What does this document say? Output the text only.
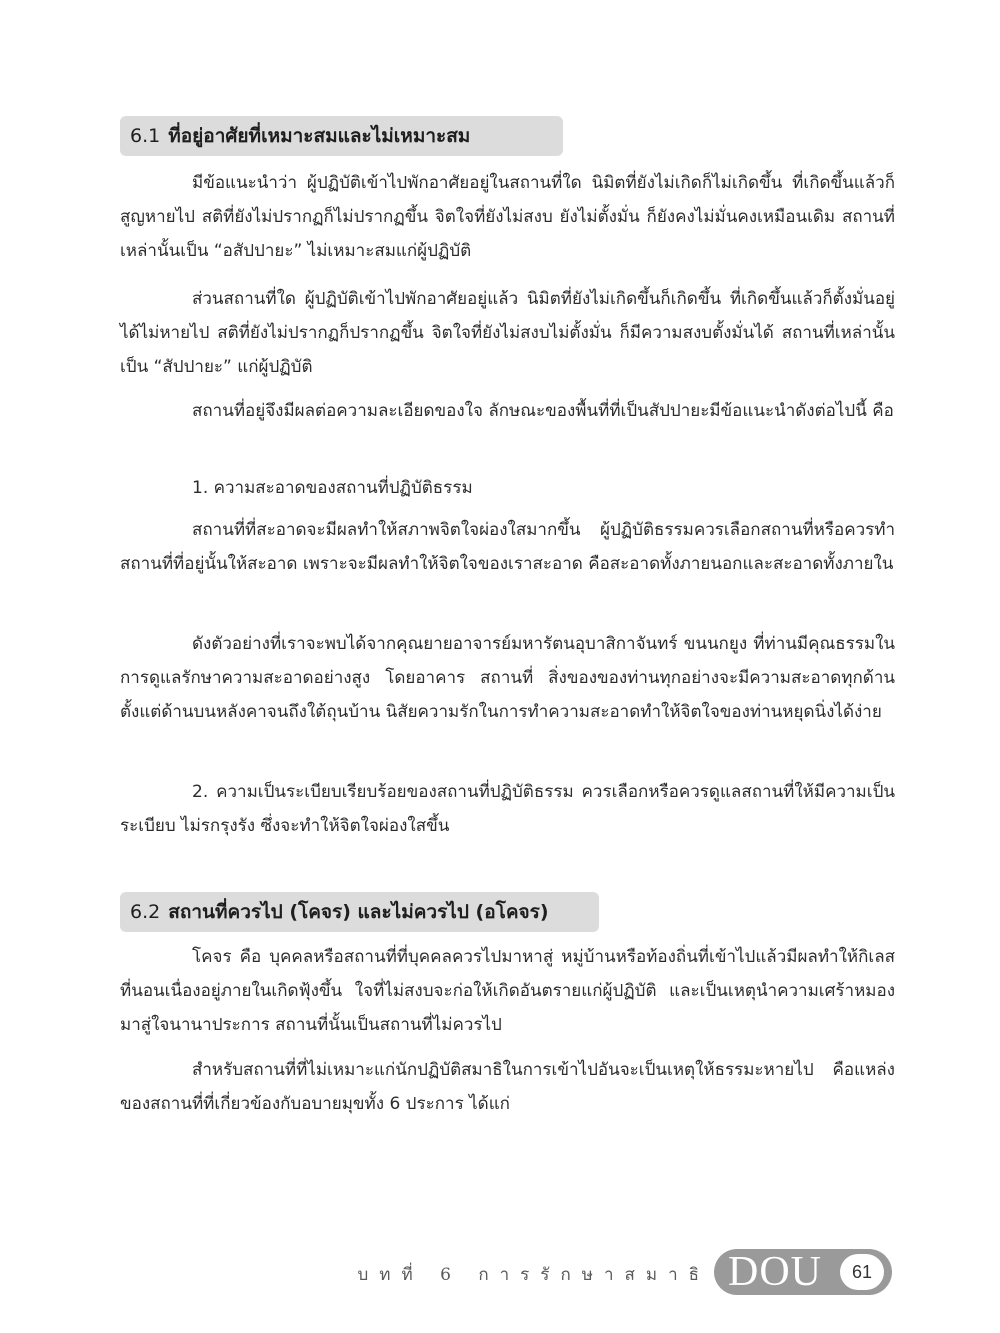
6.1 ที่อยู่อาศัยที่เหมาะสมและไม่เหมาะสม

มีข้อแนะนำว่า ผู้ปฏิบัติเข้าไปพักอาศัยอยู่ในสถานที่ใด นิมิตที่ยังไม่เกิดก็ไม่เกิดขึ้น ที่เกิดขึ้นแล้วก็สูญหายไป สติที่ยังไม่ปรากฏก็ไม่ปรากฏขึ้น จิตใจที่ยังไม่สงบ ยังไม่ตั้งมั่น ก็ยังคงไม่มั่นคงเหมือนเดิม สถานที่เหล่านั้นเป็น “อสัปปายะ” ไม่เหมาะสมแก่ผู้ปฏิบัติ

ส่วนสถานที่ใด ผู้ปฏิบัติเข้าไปพักอาศัยอยู่แล้ว นิมิตที่ยังไม่เกิดขึ้นก็เกิดขึ้น ที่เกิดขึ้นแล้วก็ตั้งมั่นอยู่ได้ไม่หายไป สติที่ยังไม่ปรากฏก็ปรากฏขึ้น จิตใจที่ยังไม่สงบไม่ตั้งมั่น ก็มีความสงบตั้งมั่นได้ สถานที่เหล่านั้นเป็น “สัปปายะ” แก่ผู้ปฏิบัติ

สถานที่อยู่จึงมีผลต่อความละเอียดของใจ ลักษณะของพื้นที่ที่เป็นสัปปายะมีข้อแนะนำดังต่อไปนี้ คือ

1. ความสะอาดของสถานที่ปฏิบัติธรรม

สถานที่ที่สะอาดจะมีผลทำให้สภาพจิตใจผ่องใสมากขึ้น ผู้ปฏิบัติธรรมควรเลือกสถานที่หรือควรทำสถานที่ที่อยู่นั้นให้สะอาด เพราะจะมีผลทำให้จิตใจของเราสะอาด คือสะอาดทั้งภายนอกและสะอาดทั้งภายใน

ดังตัวอย่างที่เราจะพบได้จากคุณยายอาจารย์มหารัตนอุบาสิกาจันทร์ ขนนกยูง ที่ท่านมีคุณธรรมในการดูแลรักษาความสะอาดอย่างสูง โดยอาคาร สถานที่ สิ่งของของท่านทุกอย่างจะมีความสะอาดทุกด้าน ตั้งแต่ด้านบนหลังคาจนถึงใต้ถุนบ้าน นิสัยความรักในการทำความสะอาดทำให้จิตใจของท่านหยุดนิ่งได้ง่าย

2. ความเป็นระเบียบเรียบร้อยของสถานที่ปฏิบัติธรรม ควรเลือกหรือควรดูแลสถานที่ให้มีความเป็นระเบียบ ไม่รกรุงรัง ซึ่งจะทำให้จิตใจผ่องใสขึ้น

6.2 สถานที่ควรไป (โคจร) และไม่ควรไป (อโคจร)

โคจร คือ บุคคลหรือสถานที่ที่บุคคลควรไปมาหาสู่ หมู่บ้านหรือท้องถิ่นที่เข้าไปแล้วมีผลทำให้กิเลสที่นอนเนื่องอยู่ภายในเกิดฟุ้งขึ้น ใจที่ไม่สงบจะก่อให้เกิดอันตรายแก่ผู้ปฏิบัติ และเป็นเหตุนำความเศร้าหมองมาสู่ใจนานาประการ สถานที่นั้นเป็นสถานที่ไม่ควรไป

สำหรับสถานที่ที่ไม่เหมาะแก่นักปฏิบัติสมาธิในการเข้าไปอันจะเป็นเหตุให้ธรรมะหายไป คือแหล่งของสถานที่ที่เกี่ยวข้องกับอบายมุขทั้ง 6 ประการ ได้แก่

บทที่ 6 การรักษาสมาธิ DOU	61
